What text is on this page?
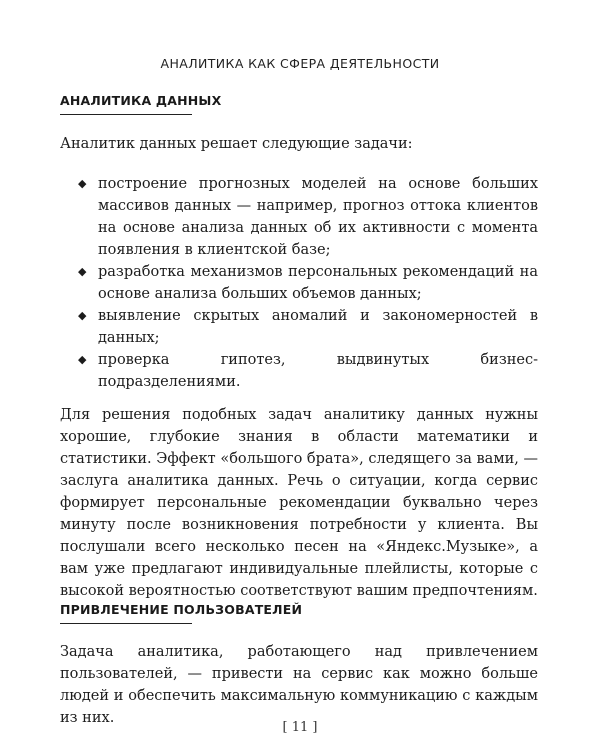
АНАЛИТИКА КАК СФЕРА ДЕЯТЕЛЬНОСТИ
АНАЛИТИКА ДАННЫХ

Аналитик данных решает следующие задачи:

◆ построение прогнозных моделей на основе больших массивов данных — например, прогноз оттока клиентов на основе анализа данных об их активности с момента появления в клиентской базе;
◆ разработка механизмов персональных рекомендаций на основе анализа больших объемов данных;
◆ выявление скрытых аномалий и закономерностей в данных;
◆ проверка гипотез, выдвинутых бизнес-подразделениями.

Для решения подобных задач аналитику данных нужны хорошие, глубокие знания в области математики и статистики. Эффект «большого брата», следящего за вами, — заслуга аналитика данных. Речь о ситуации, когда сервис формирует персональные рекомендации буквально через минуту после возникновения потребности у клиента. Вы послушали всего несколько песен на «Яндекс.Музыке», а вам уже предлагают индивидуальные плейлисты, которые с высокой вероятностью соответствуют вашим предпочтениям.

ПРИВЛЕЧЕНИЕ ПОЛЬЗОВАТЕЛЕЙ

Задача аналитика, работающего над привлечением пользователей, — привести на сервис как можно больше людей и обеспечить максимальную коммуникацию с каждым из них.

[ 11 ]
